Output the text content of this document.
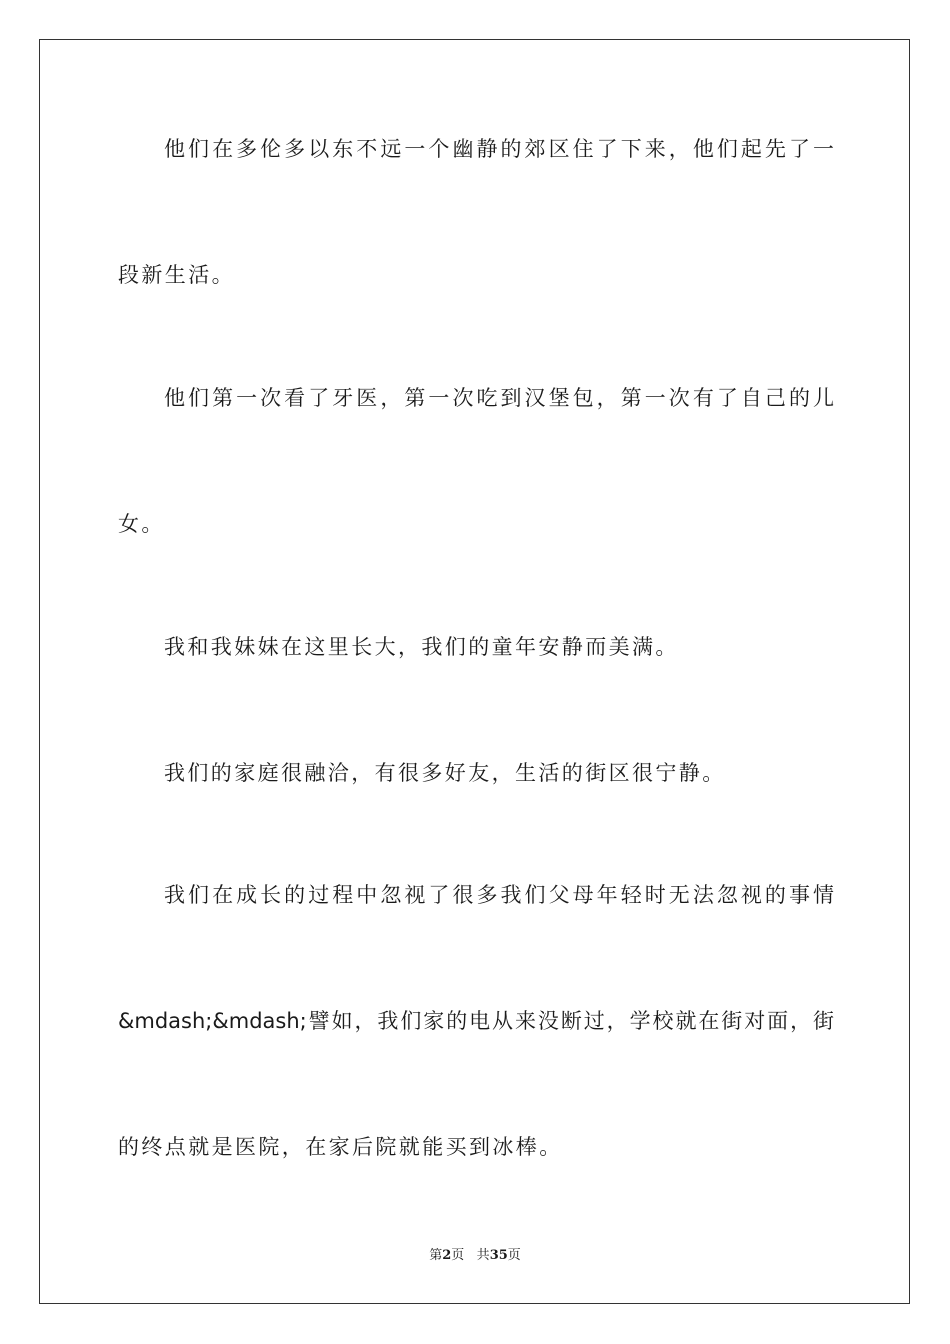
他们在多伦多以东不远一个幽静的郊区住了下来，他们起先了一
段新生活。
他们第一次看了牙医，第一次吃到汉堡包，第一次有了自己的儿
女。
我和我妹妹在这里长大，我们的童年安静而美满。
我们的家庭很融洽，有很多好友，生活的街区很宁静。
我们在成长的过程中忽视了很多我们父母年轻时无法忽视的事情
&mdash;&mdash;譬如，我们家的电从来没断过，学校就在街对面，街
的终点就是医院，在家后院就能买到冰棒。
第2页 共35页
